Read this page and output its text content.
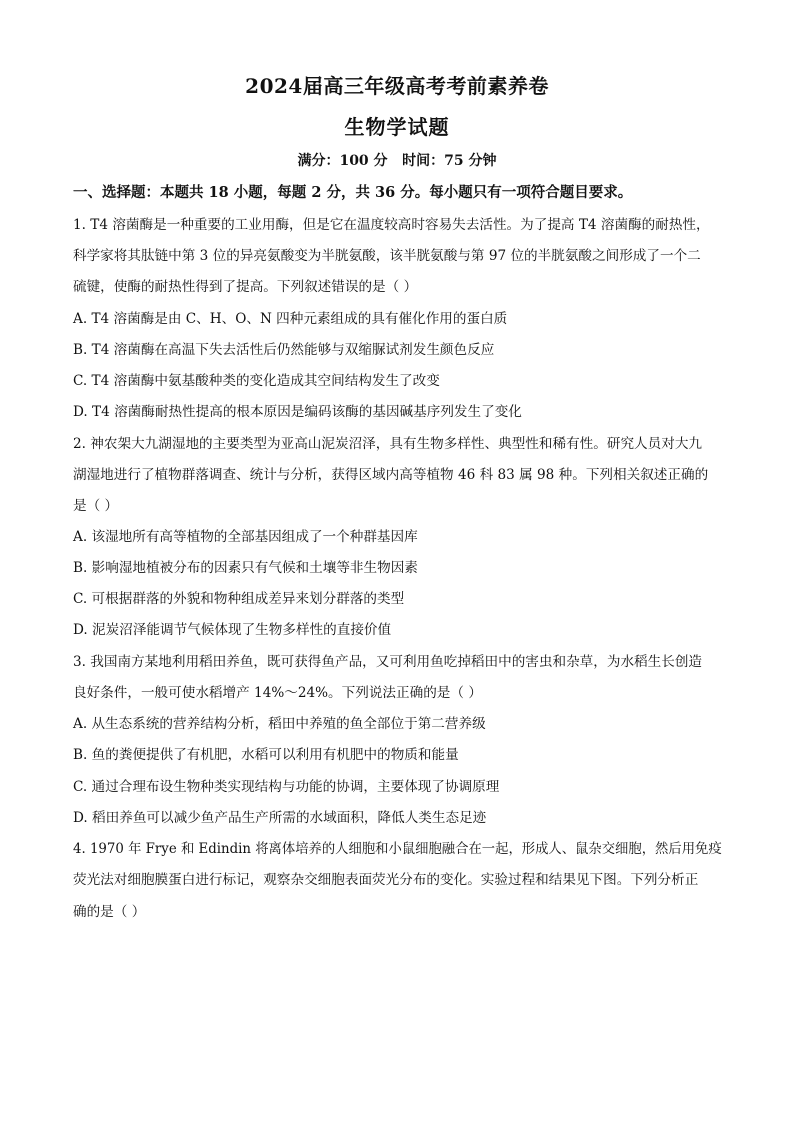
2024届高三年级高考考前素养卷
生物学试题
满分：100 分   时间：75 分钟
一、选择题：本题共 18 小题，每题 2 分，共 36 分。每小题只有一项符合题目要求。
1. T4 溶菌酶是一种重要的工业用酶，但是它在温度较高时容易失去活性。为了提高 T4 溶菌酶的耐热性，
科学家将其肽链中第 3 位的异亮氨酸变为半胱氨酸，该半胱氨酸与第 97 位的半胱氨酸之间形成了一个二
硫键，使酶的耐热性得到了提高。下列叙述错误的是（ ）
A. T4 溶菌酶是由 C、H、O、N 四种元素组成的具有催化作用的蛋白质
B. T4 溶菌酶在高温下失去活性后仍然能够与双缩脲试剂发生颜色反应
C. T4 溶菌酶中氨基酸种类的变化造成其空间结构发生了改变
D. T4 溶菌酶耐热性提高的根本原因是编码该酶的基因碱基序列发生了变化
2. 神农架大九湖湿地的主要类型为亚高山泥炭沼泽，具有生物多样性、典型性和稀有性。研究人员对大九
湖湿地进行了植物群落调查、统计与分析，获得区域内高等植物 46 科 83 属 98 种。下列相关叙述正确的
是（ ）
A. 该湿地所有高等植物的全部基因组成了一个种群基因库
B. 影响湿地植被分布的因素只有气候和土壤等非生物因素
C. 可根据群落的外貌和物种组成差异来划分群落的类型
D. 泥炭沼泽能调节气候体现了生物多样性的直接价值
3. 我国南方某地利用稻田养鱼，既可获得鱼产品，又可利用鱼吃掉稻田中的害虫和杂草，为水稻生长创造
良好条件，一般可使水稻增产 14%～24%。下列说法正确的是（ ）
A. 从生态系统的营养结构分析，稻田中养殖的鱼全部位于第二营养级
B. 鱼的粪便提供了有机肥，水稻可以利用有机肥中的物质和能量
C. 通过合理布设生物种类实现结构与功能的协调，主要体现了协调原理
D. 稻田养鱼可以减少鱼产品生产所需的水域面积，降低人类生态足迹
4. 1970 年 Frye 和 Edindin 将离体培养的人细胞和小鼠细胞融合在一起，形成人、鼠杂交细胞，然后用免疫
荧光法对细胞膜蛋白进行标记，观察杂交细胞表面荧光分布的变化。实验过程和结果见下图。下列分析正
确的是（ ）
